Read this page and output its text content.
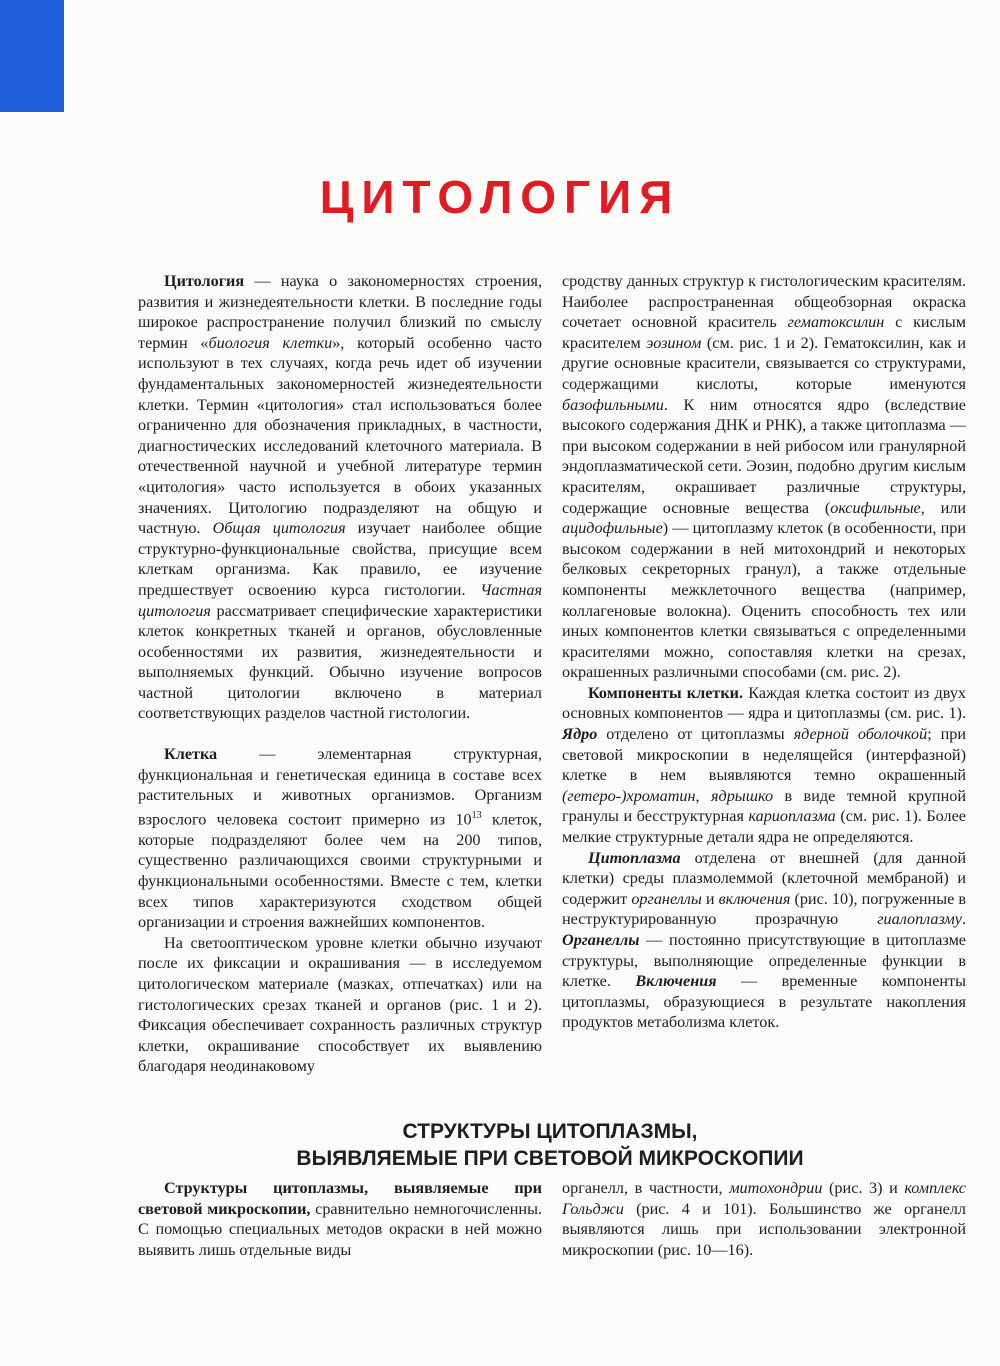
ЦИТОЛОГИЯ

Цитология — наука о закономерностях строения, развития и жизнедеятельности клетки. В последние годы широкое распространение получил близкий по смыслу термин «биология клетки», который особенно часто используют в тех случаях, когда речь идет об изучении фундаментальных закономерностей жизнедеятельности клетки. Термин «цитология» стал использоваться более ограниченно для обозначения прикладных, в частности, диагностических исследований клеточного материала. В отечественной научной и учебной литературе термин «цитология» часто используется в обоих указанных значениях. Цитологию подразделяют на общую и частную. Общая цитология изучает наиболее общие структурно-функциональные свойства, присущие всем клеткам организма. Как правило, ее изучение предшествует освоению курса гистологии. Частная цитология рассматривает специфические характеристики клеток конкретных тканей и органов, обусловленные особенностями их развития, жизнедеятельности и выполняемых функций. Обычно изучение вопросов частной цитологии включено в материал соответствующих разделов частной гистологии.

Клетка — элементарная структурная, функциональная и генетическая единица в составе всех растительных и животных организмов. Организм взрослого человека состоит примерно из $10^{13}$ клеток, которые подразделяют более чем на 200 типов, существенно различающихся своими структурными и функциональными особенностями. Вместе с тем, клетки всех типов характеризуются сходством общей организации и строения важнейших компонентов.

На светооптическом уровне клетки обычно изучают после их фиксации и окрашивания — в исследуемом цитологическом материале (мазках, отпечатках) или на гистологических срезах тканей и органов (рис. 1 и 2). Фиксация обеспечивает сохранность различных структур клетки, окрашивание способствует их выявлению благодаря неодинаковому

сродству данных структур к гистологическим красителям. Наиболее распространенная общеобзорная окраска сочетает основной краситель гематоксилин с кислым красителем эозином (см. рис. 1 и 2). Гематоксилин, как и другие основные красители, связывается со структурами, содержащими кислоты, которые именуются базофильными. К ним относятся ядро (вследствие высокого содержания ДНК и РНК), а также цитоплазма — при высоком содержании в ней рибосом или гранулярной эндоплазматической сети. Эозин, подобно другим кислым красителям, окрашивает различные структуры, содержащие основные вещества (оксифильные, или ацидофильные) — цитоплазму клеток (в особенности, при высоком содержании в ней митохондрий и некоторых белковых секреторных гранул), а также отдельные компоненты межклеточного вещества (например, коллагеновые волокна). Оценить способность тех или иных компонентов клетки связываться с определенными красителями можно, сопоставляя клетки на срезах, окрашенных различными способами (см. рис. 2).

Компоненты клетки. Каждая клетка состоит из двух основных компонентов — ядра и цитоплазмы (см. рис. 1). Ядро отделено от цитоплазмы ядерной оболочкой; при световой микроскопии в неделящейся (интерфазной) клетке в нем выявляются темно окрашенный (гетеро-)хроматин, ядрышко в виде темной крупной гранулы и бесструктурная кариоплазма (см. рис. 1). Более мелкие структурные детали ядра не определяются.

Цитоплазма отделена от внешней (для данной клетки) среды плазмолеммой (клеточной мембраной) и содержит органеллы и включения (рис. 10), погруженные в неструктурированную прозрачную гиалоплазму. Органеллы — постоянно присутствующие в цитоплазме структуры, выполняющие определенные функции в клетке. Включения — временные компоненты цитоплазмы, образующиеся в результате накопления продуктов метаболизма клеток.

СТРУКТУРЫ ЦИТОПЛАЗМЫ,
ВЫЯВЛЯЕМЫЕ ПРИ СВЕТОВОЙ МИКРОСКОПИИ

Структуры цитоплазмы, выявляемые при световой микроскопии, сравнительно немногочисленны. С помощью специальных методов окраски в ней можно выявить лишь отдельные виды

органелл, в частности, митохондрии (рис. 3) и комплекс Гольджи (рис. 4 и 101). Большинство же органелл выявляются лишь при использовании электронной микроскопии (рис. 10—16).
